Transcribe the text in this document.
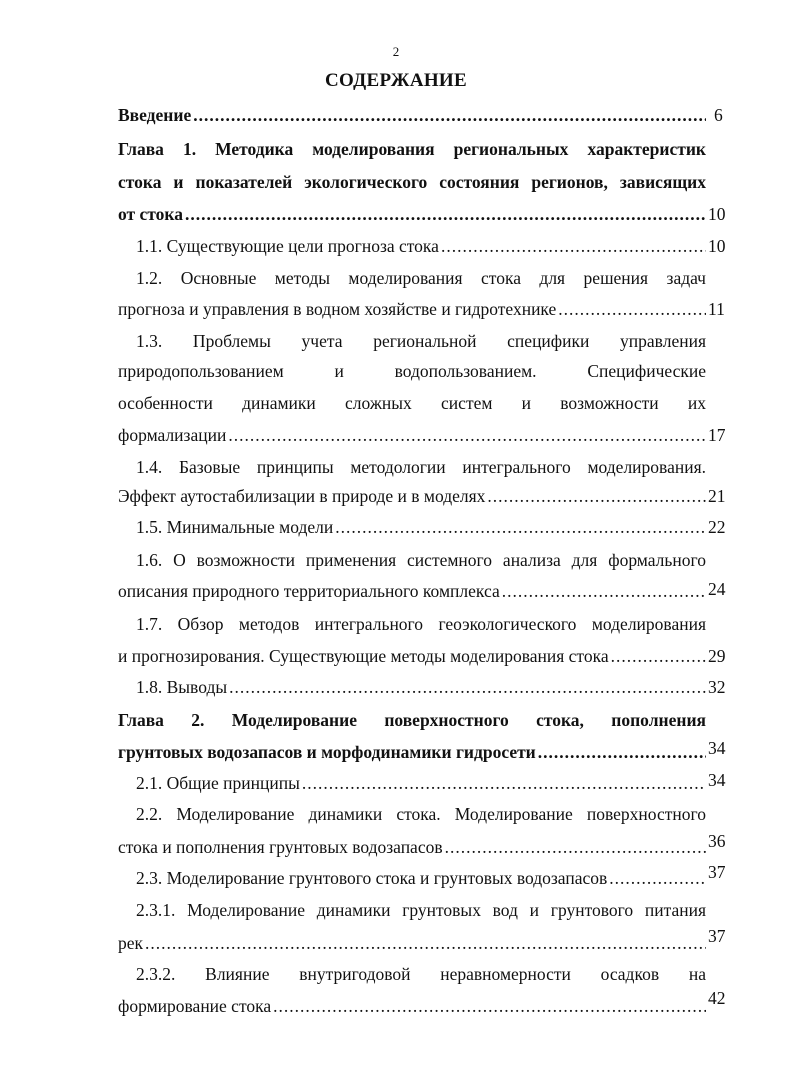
2
СОДЕРЖАНИЕ
Введение .....	6
Глава 1. Методика моделирования региональных характеристик
стока и показателей экологического состояния регионов, зависящих
от стока .....	10
1.1. Существующие цели прогноза стока .....	10
1.2. Основные методы моделирования стока для решения задач
прогноза и управления в водном хозяйстве и гидротехнике .....	11
1.3. Проблемы учета региональной специфики управления
природопользованием и водопользованием. Специфические
особенности динамики сложных систем и возможности их
формализации .....	17
1.4. Базовые принципы методологии интегрального моделирования.
Эффект аутостабилизации в природе и в моделях .....	21
1.5. Минимальные модели .....	22
1.6. О возможности применения системного анализа для формального
описания природного территориального комплекса .....	24
1.7. Обзор методов интегрального геоэкологического моделирования
и прогнозирования. Существующие методы моделирования стока .....	29
1.8. Выводы .....	32
Глава 2. Моделирование поверхностного стока, пополнения
грунтовых водозапасов и морфодинамики гидросети .....	34
2.1. Общие принципы .....	34
2.2. Моделирование динамики стока. Моделирование поверхностного
стока и пополнения грунтовых водозапасов .....	36
2.3. Моделирование грунтового стока и грунтовых водозапасов .....	37
2.3.1. Моделирование динамики грунтовых вод и грунтового питания
рек .....	37
2.3.2. Влияние внутригодовой неравномерности осадков на
формирование стока .....	42
